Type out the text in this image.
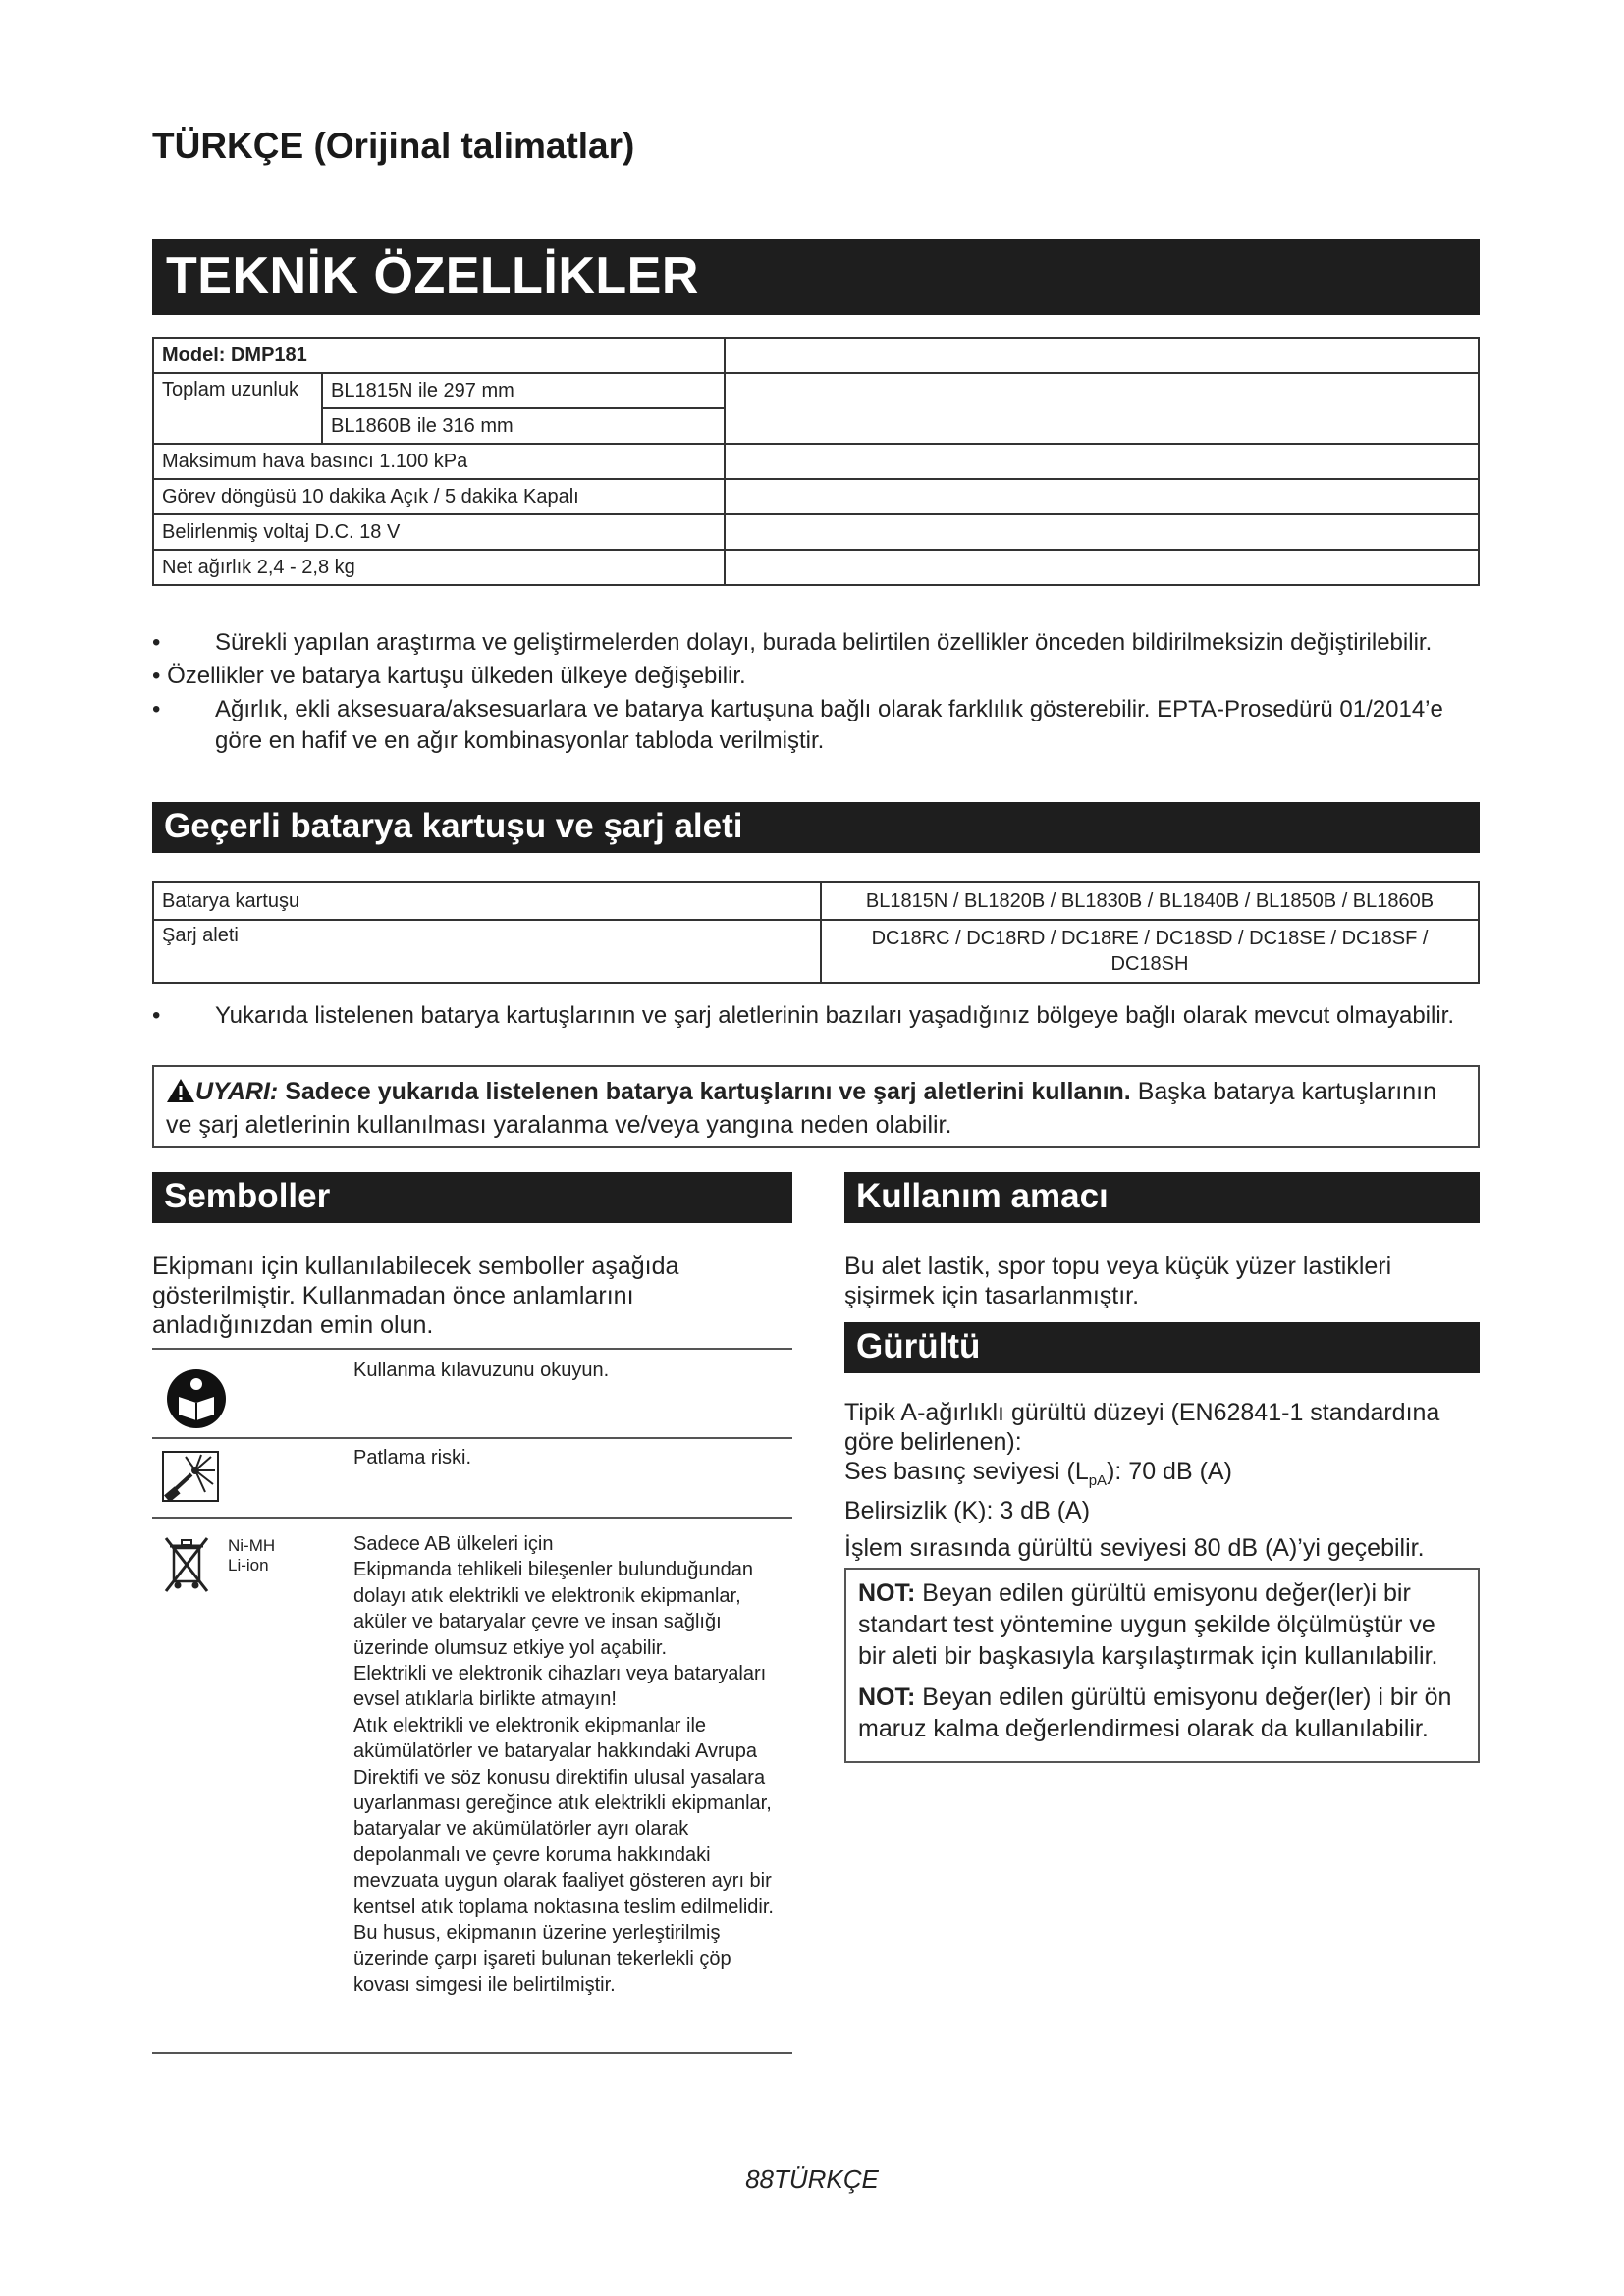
TÜRKÇE (Orijinal talimatlar)
TEKNİK ÖZELLİKLER
Model: DMP181		
Toplam uzunluk	BL1815N ile 297 mm	
	BL1860B ile 316 mm	
Maksimum hava basıncı 1.100 kPa		
Görev döngüsü 10 dakika Açık / 5 dakika Kapalı		
Belirlenmiş voltaj D.C. 18 V		
Net ağırlık 2,4 - 2,8 kg		
• Sürekli yapılan araştırma ve geliştirmelerden dolayı, burada belirtilen özellikler önceden bildirilmeksizin değiştirilebilir.
• Özellikler ve batarya kartuşu ülkeden ülkeye değişebilir.
• Ağırlık, ekli aksesuara/aksesuarlara ve batarya kartuşuna bağlı olarak farklılık gösterebilir. EPTA-Prosedürü 01/2014’e göre en hafif ve en ağır kombinasyonlar tabloda verilmiştir.
Geçerli batarya kartuşu ve şarj aleti
Batarya kartuşu	BL1815N / BL1820B / BL1830B / BL1840B / BL1850B / BL1860B
Şarj aleti	DC18RC / DC18RD / DC18RE / DC18SD / DC18SE / DC18SF / DC18SH
• Yukarıda listelenen batarya kartuşlarının ve şarj aletlerinin bazıları yaşadığınız bölgeye bağlı olarak mevcut olmayabilir.
UYARI: Sadece yukarıda listelenen batarya kartuşlarını ve şarj aletlerini kullanın. Başka batarya kartuşlarının ve şarj aletlerinin kullanılması yaralanma ve/veya yangına neden olabilir.
Semboller
Ekipmanı için kullanılabilecek semboller aşağıda gösterilmiştir. Kullanmadan önce anlamlarını anladığınızdan emin olun.
Kullanma kılavuzunu okuyun.
Patlama riski.
Ni-MH
Li-ion
Sadece AB ülkeleri için
Ekipmanda tehlikeli bileşenler bulunduğundan dolayı atık elektrikli ve elektronik ekipmanlar, aküler ve bataryalar çevre ve insan sağlığı üzerinde olumsuz etkiye yol açabilir.
Elektrikli ve elektronik cihazları veya bataryaları evsel atıklarla birlikte atmayın!
Atık elektrikli ve elektronik ekipmanlar ile akümülatörler ve bataryalar hakkındaki Avrupa Direktifi ve söz konusu direktifin ulusal yasalara uyarlanması gereğince atık elektrikli ekipmanlar, bataryalar ve akümülatörler ayrı olarak depolanmalı ve çevre koruma hakkındaki mevzuata uygun olarak faaliyet gösteren ayrı bir kentsel atık toplama noktasına teslim edilmelidir.
Bu husus, ekipmanın üzerine yerleştirilmiş üzerinde çarpı işareti bulunan tekerlekli çöp kovası simgesi ile belirtilmiştir.
Kullanım amacı
Bu alet lastik, spor topu veya küçük yüzer lastikleri şişirmek için tasarlanmıştır.
Gürültü
Tipik A-ağırlıklı gürültü düzeyi (EN62841-1 standardına göre belirlenen):
Ses basınç seviyesi $(L_{pA})$: 70 dB (A)
Belirsizlik (K): 3 dB (A)
İşlem sırasında gürültü seviyesi 80 dB (A)’yi geçebilir.
NOT: Beyan edilen gürültü emisyonu değer(ler)i bir standart test yöntemine uygun şekilde ölçülmüştür ve bir aleti bir başkasıyla karşılaştırmak için kullanılabilir.
NOT: Beyan edilen gürültü emisyonu değer(ler) i bir ön maruz kalma değerlendirmesi olarak da kullanılabilir.
88TÜRKÇE
